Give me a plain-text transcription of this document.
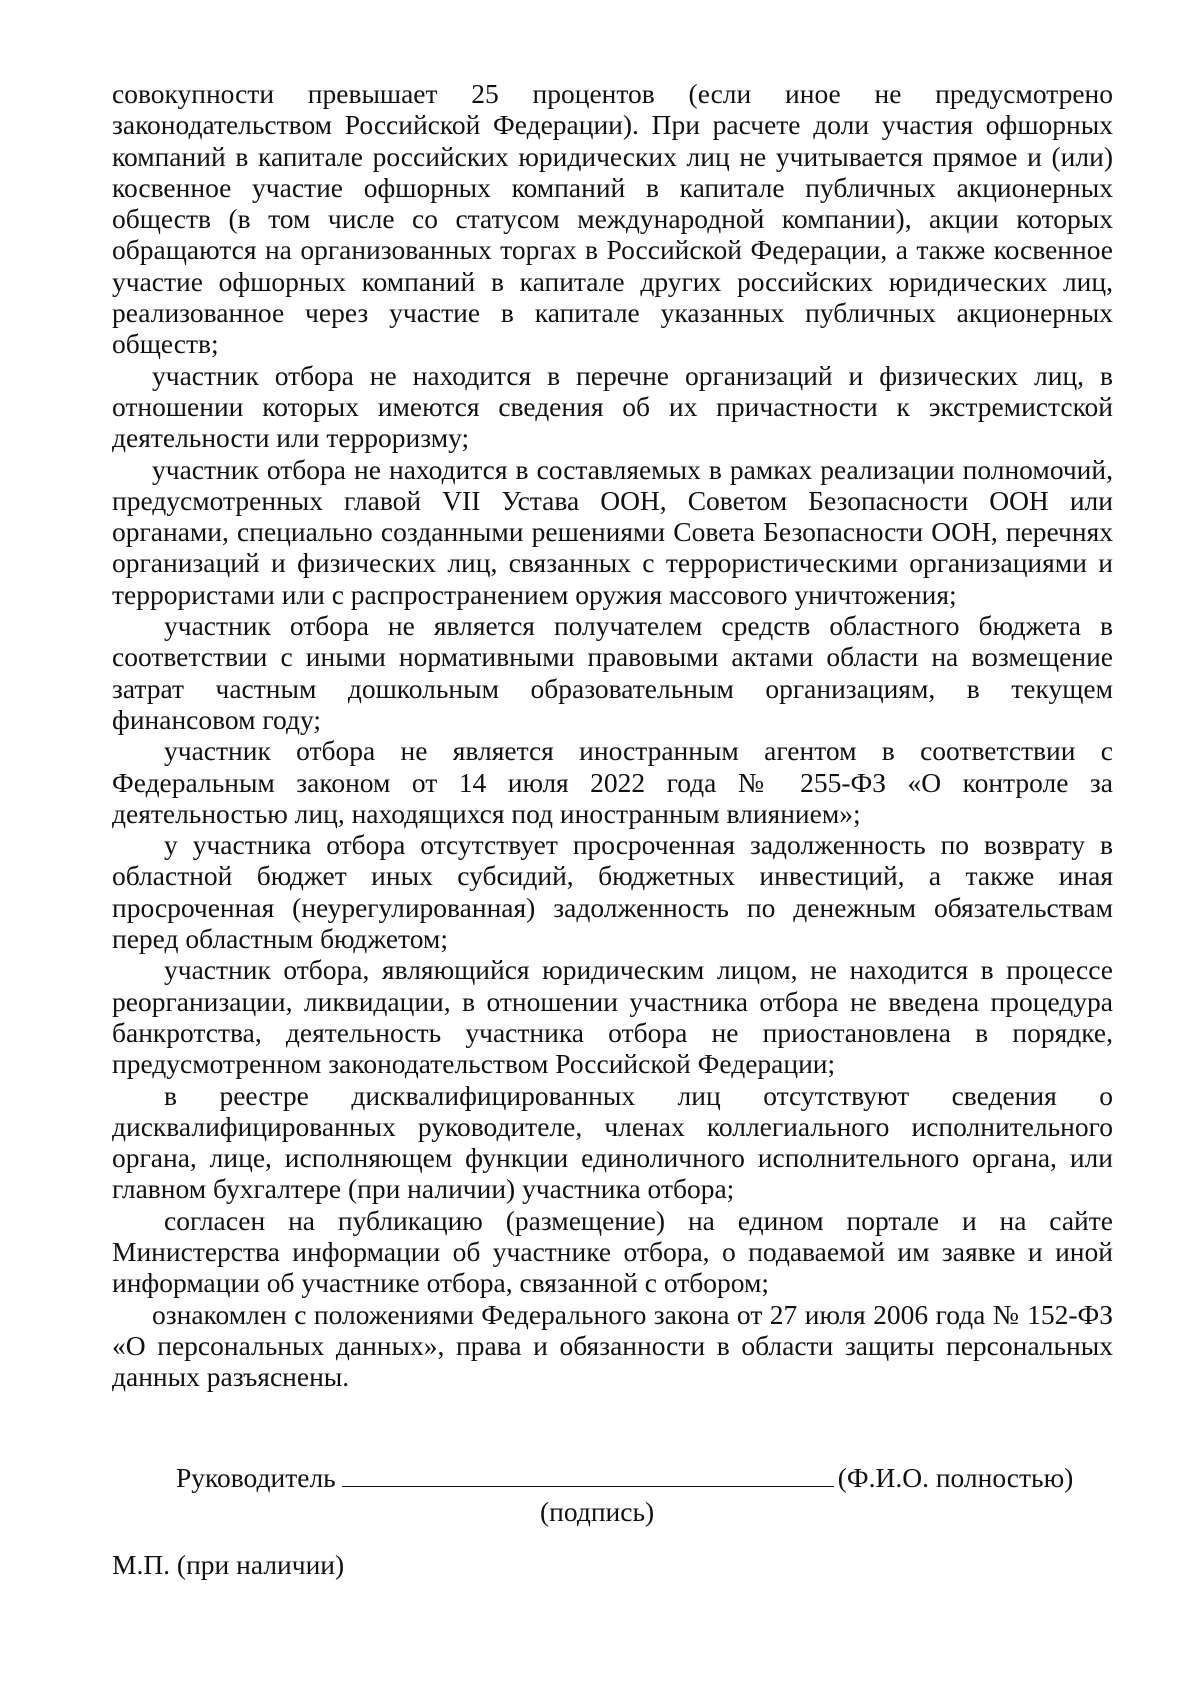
совокупности превышает 25 процентов (если иное не предусмотрено законодательством Российской Федерации). При расчете доли участия офшорных компаний в капитале российских юридических лиц не учитывается прямое и (или) косвенное участие офшорных компаний в капитале публичных акционерных обществ (в том числе со статусом международной компании), акции которых обращаются на организованных торгах в Российской Федерации, а также косвенное участие офшорных компаний в капитале других российских юридических лиц, реализованное через участие в капитале указанных публичных акционерных обществ;

участник отбора не находится в перечне организаций и физических лиц, в отношении которых имеются сведения об их причастности к экстремистской деятельности или терроризму;

участник отбора не находится в составляемых в рамках реализации полномочий, предусмотренных главой VII Устава ООН, Советом Безопасности ООН или органами, специально созданными решениями Совета Безопасности ООН, перечнях организаций и физических лиц, связанных с террористическими организациями и террористами или с распространением оружия массового уничтожения;

участник отбора не является получателем средств областного бюджета в соответствии с иными нормативными правовыми актами области на возмещение затрат частным дошкольным образовательным организациям, в текущем финансовом году;

участник отбора не является иностранным агентом в соответствии с Федеральным законом от 14 июля 2022 года № 255-ФЗ «О контроле за деятельностью лиц, находящихся под иностранным влиянием»;

у участника отбора отсутствует просроченная задолженность по возврату в областной бюджет иных субсидий, бюджетных инвестиций, а также иная просроченная (неурегулированная) задолженность по денежным обязательствам перед областным бюджетом;

участник отбора, являющийся юридическим лицом, не находится в процессе реорганизации, ликвидации, в отношении участника отбора не введена процедура банкротства, деятельность участника отбора не приостановлена в порядке, предусмотренном законодательством Российской Федерации;

в реестре дисквалифицированных лиц отсутствуют сведения о дисквалифицированных руководителе, членах коллегиального исполнительного органа, лице, исполняющем функции единоличного исполнительного органа, или главном бухгалтере (при наличии) участника отбора;

согласен на публикацию (размещение) на едином портале и на сайте Министерства информации об участнике отбора, о подаваемой им заявке и иной информации об участнике отбора, связанной с отбором;

ознакомлен с положениями Федерального закона от 27 июля 2006 года № 152-ФЗ «О персональных данных», права и обязанности в области защиты персональных данных разъяснены.

Руководитель	(Ф.И.О. полностью)
(подпись)
М.П. (при наличии)
